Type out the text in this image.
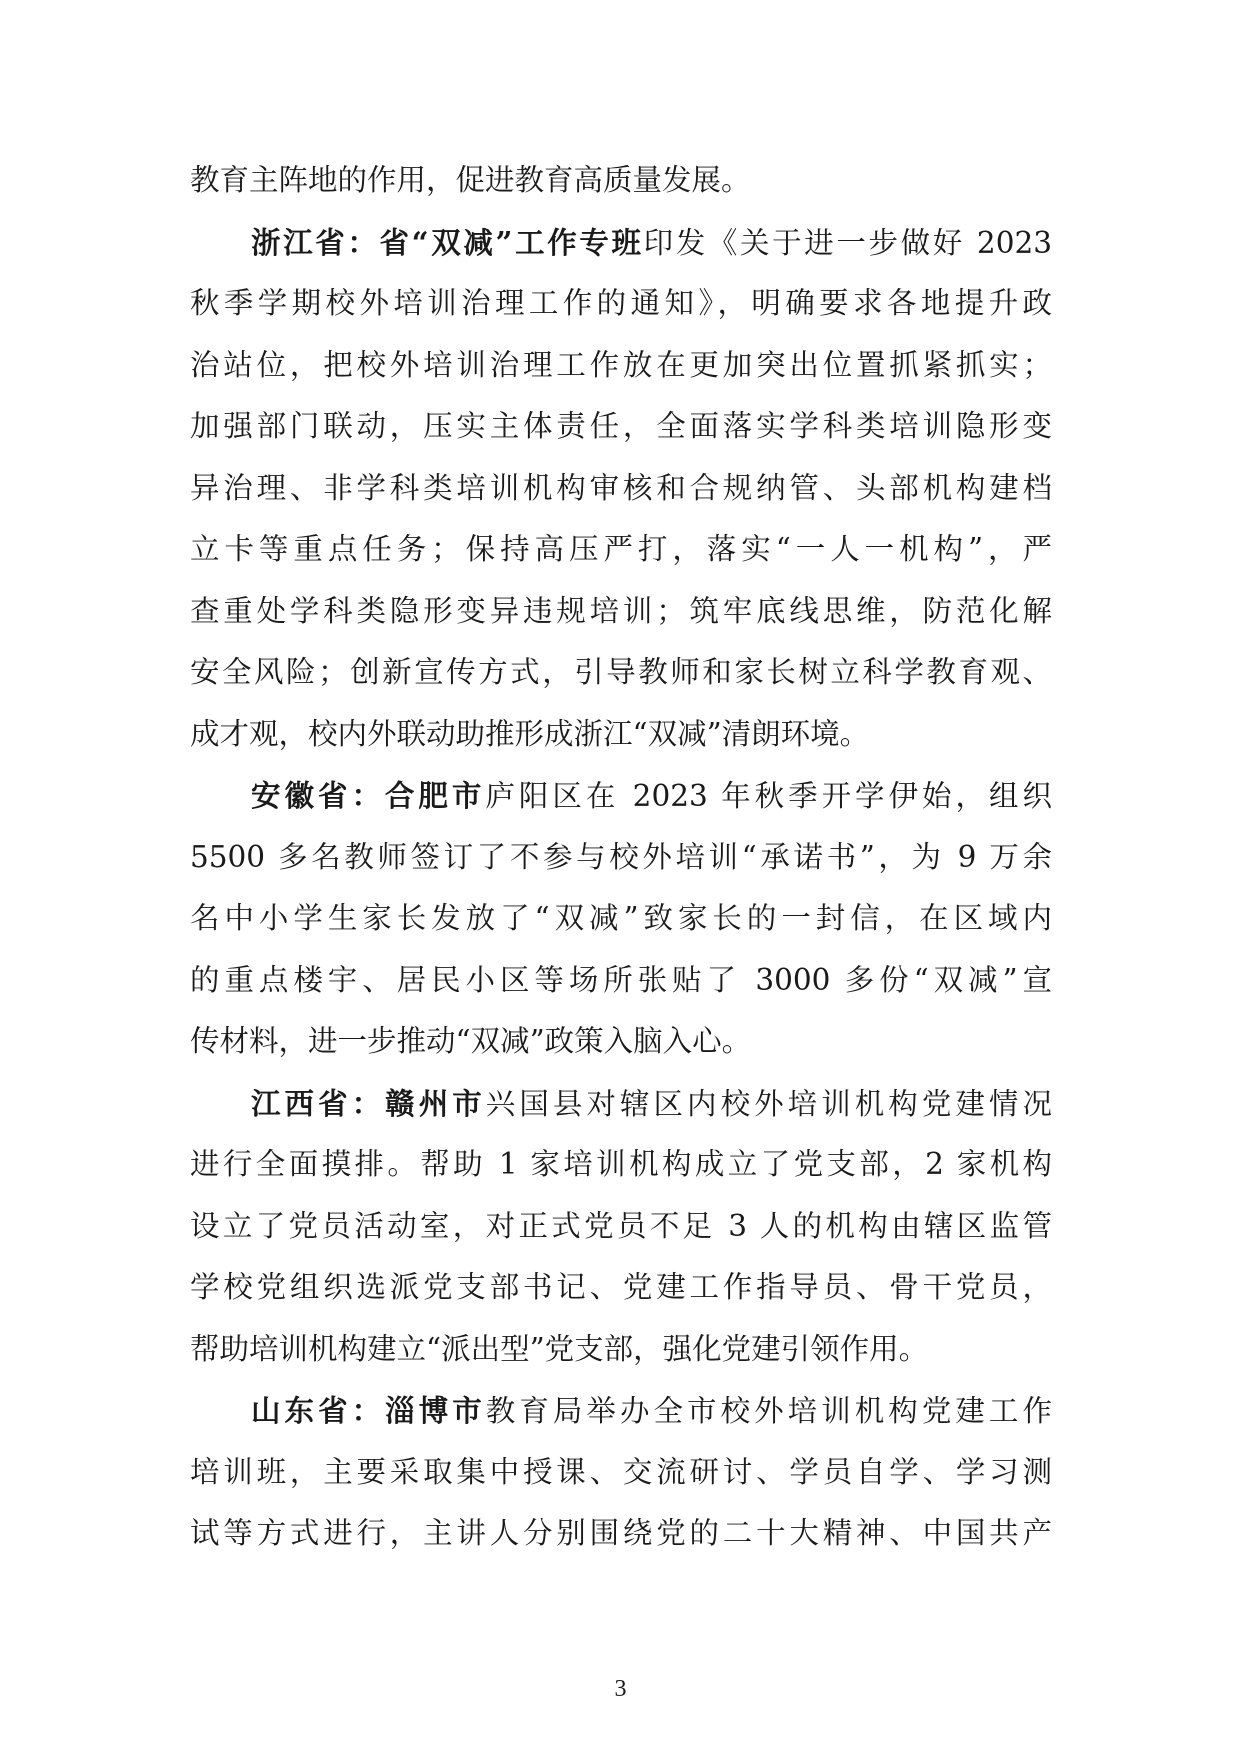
教育主阵地的作用，促进教育高质量发展。
浙江省：省“双减”工作专班印发《关于进一步做好 2023
秋季学期校外培训治理工作的通知》，明确要求各地提升政
治站位，把校外培训治理工作放在更加突出位置抓紧抓实；
加强部门联动，压实主体责任，全面落实学科类培训隐形变
异治理、非学科类培训机构审核和合规纳管、头部机构建档
立卡等重点任务；保持高压严打，落实“一人一机构”，严
查重处学科类隐形变异违规培训；筑牢底线思维，防范化解
安全风险；创新宣传方式，引导教师和家长树立科学教育观、
成才观，校内外联动助推形成浙江“双减”清朗环境。
安徽省：合肥市庐阳区在 2023 年秋季开学伊始，组织
5500 多名教师签订了不参与校外培训“承诺书”，为 9 万余
名中小学生家长发放了“双减”致家长的一封信，在区域内
的重点楼宇、居民小区等场所张贴了 3000 多份“双减”宣
传材料，进一步推动“双减”政策入脑入心。
江西省：赣州市兴国县对辖区内校外培训机构党建情况
进行全面摸排。帮助 1 家培训机构成立了党支部，2 家机构
设立了党员活动室，对正式党员不足 3 人的机构由辖区监管
学校党组织选派党支部书记、党建工作指导员、骨干党员，
帮助培训机构建立“派出型”党支部，强化党建引领作用。
山东省：淄博市教育局举办全市校外培训机构党建工作
培训班，主要采取集中授课、交流研讨、学员自学、学习测
试等方式进行，主讲人分别围绕党的二十大精神、中国共产
3
